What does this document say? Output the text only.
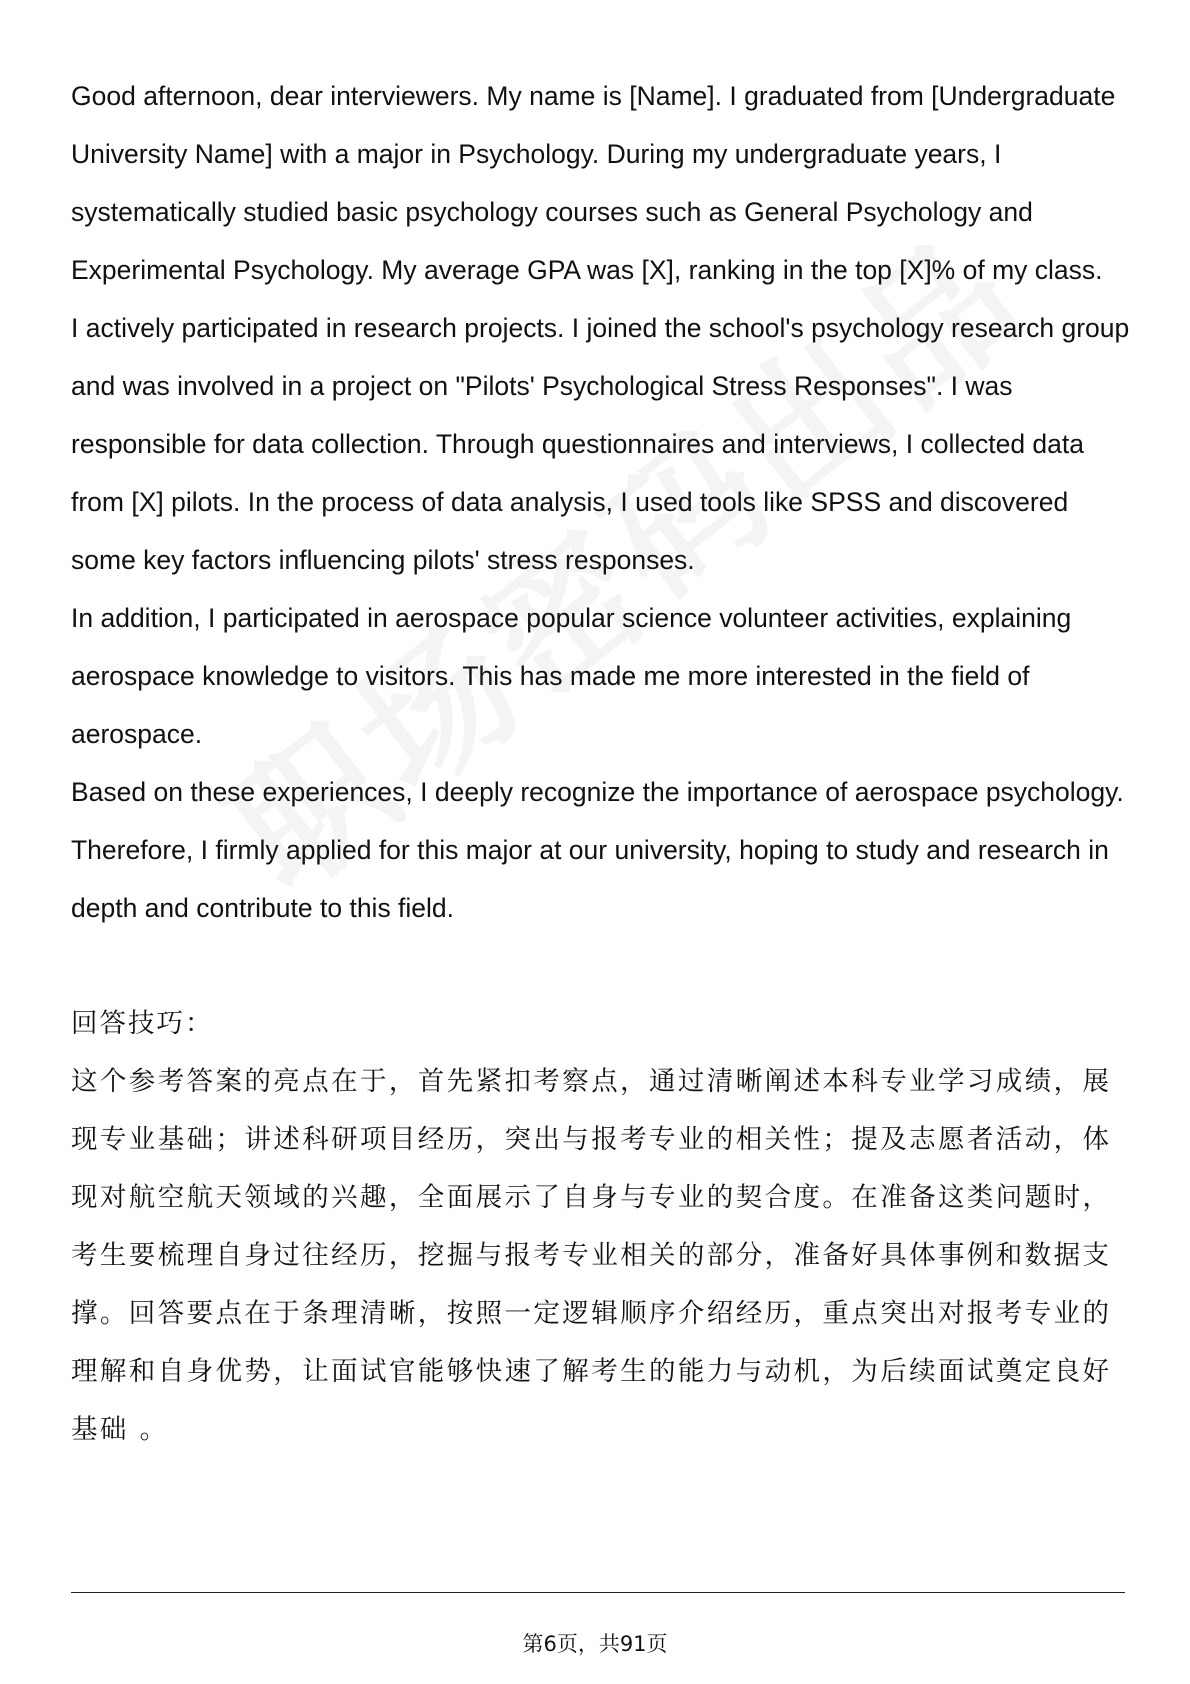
Good afternoon, dear interviewers. My name is [Name]. I graduated from [Undergraduate University Name] with a major in Psychology. During my undergraduate years, I systematically studied basic psychology courses such as General Psychology and Experimental Psychology. My average GPA was [X], ranking in the top [X]% of my class.

I actively participated in research projects. I joined the school's psychology research group and was involved in a project on "Pilots' Psychological Stress Responses". I was responsible for data collection. Through questionnaires and interviews, I collected data from [X] pilots. In the process of data analysis, I used tools like SPSS and discovered some key factors influencing pilots' stress responses.

In addition, I participated in aerospace popular science volunteer activities, explaining aerospace knowledge to visitors. This has made me more interested in the field of aerospace.

Based on these experiences, I deeply recognize the importance of aerospace psychology. Therefore, I firmly applied for this major at our university, hoping to study and research in depth and contribute to this field.

回答技巧：

这个参考答案的亮点在于，首先紧扣考察点，通过清晰阐述本科专业学习成绩，展现专业基础；讲述科研项目经历，突出与报考专业的相关性；提及志愿者活动，体现对航空航天领域的兴趣，全面展示了自身与专业的契合度。在准备这类问题时，考生要梳理自身过往经历，挖掘与报考专业相关的部分，准备好具体事例和数据支撑。回答要点在于条理清晰，按照一定逻辑顺序介绍经历，重点突出对报考专业的理解和自身优势，让面试官能够快速了解考生的能力与动机，为后续面试奠定良好基础 。

第6页，共91页
